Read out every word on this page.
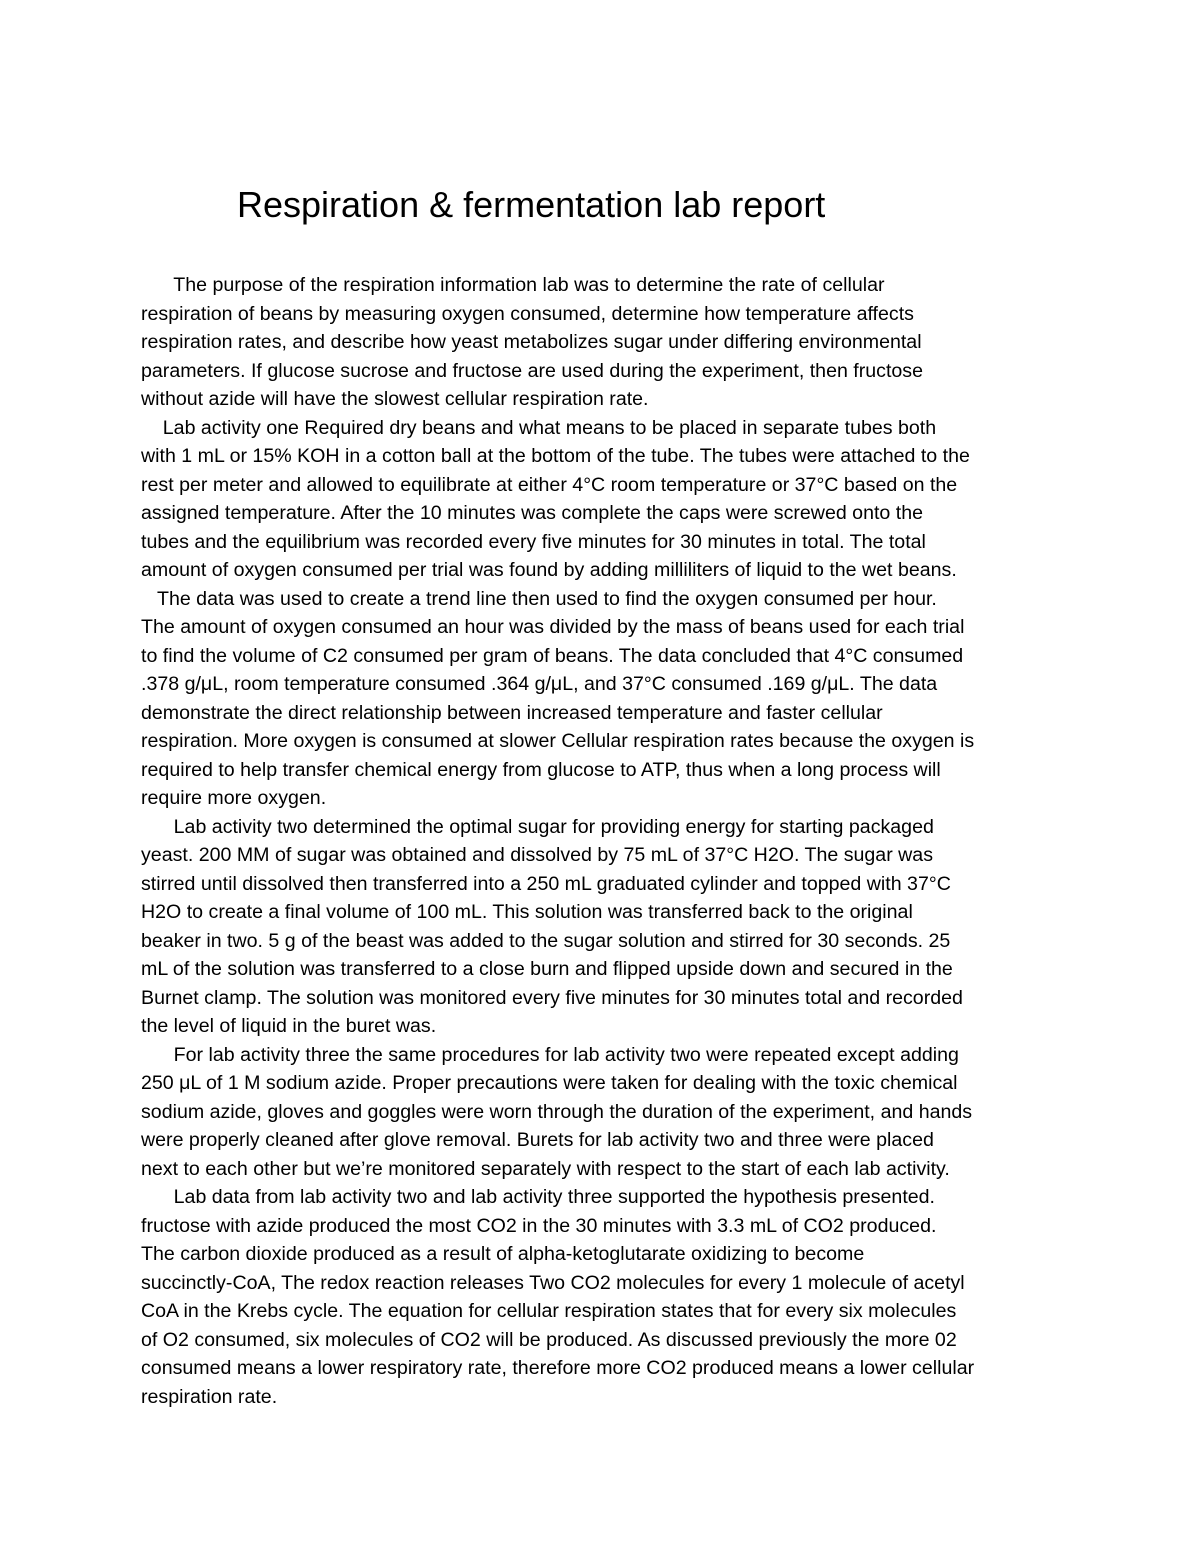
Respiration & fermentation lab report
The purpose of the respiration information lab was to determine the rate of cellular
respiration of beans by measuring oxygen consumed, determine how temperature affects
respiration rates, and describe how yeast metabolizes sugar under differing environmental
parameters. If glucose sucrose and fructose are used during the experiment, then fructose
without azide will have the slowest cellular respiration rate.
Lab activity one Required dry beans and what means to be placed in separate tubes both
with 1 mL or 15% KOH in a cotton ball at the bottom of the tube. The tubes were attached to the
rest per meter and allowed to equilibrate at either 4°C room temperature or 37°C based on the
assigned temperature. After the 10 minutes was complete the caps were screwed onto the
tubes and the equilibrium was recorded every five minutes for 30 minutes in total. The total
amount of oxygen consumed per trial was found by adding milliliters of liquid to the wet beans.
The data was used to create a trend line then used to find the oxygen consumed per hour.
The amount of oxygen consumed an hour was divided by the mass of beans used for each trial
to find the volume of C2 consumed per gram of beans. The data concluded that 4°C consumed
.378 g/μL, room temperature consumed .364 g/μL, and 37°C consumed .169 g/μL. The data
demonstrate the direct relationship between increased temperature and faster cellular
respiration. More oxygen is consumed at slower Cellular respiration rates because the oxygen is
required to help transfer chemical energy from glucose to ATP, thus when a long process will
require more oxygen.
Lab activity two determined the optimal sugar for providing energy for starting packaged
yeast. 200 MM of sugar was obtained and dissolved by 75 mL of 37°C H2O. The sugar was
stirred until dissolved then transferred into a 250 mL graduated cylinder and topped with 37°C
H2O to create a final volume of 100 mL. This solution was transferred back to the original
beaker in two. 5 g of the beast was added to the sugar solution and stirred for 30 seconds. 25
mL of the solution was transferred to a close burn and flipped upside down and secured in the
Burnet clamp. The solution was monitored every five minutes for 30 minutes total and recorded
the level of liquid in the buret was.
For lab activity three the same procedures for lab activity two were repeated except adding
250 μL of 1 M sodium azide. Proper precautions were taken for dealing with the toxic chemical
sodium azide, gloves and goggles were worn through the duration of the experiment, and hands
were properly cleaned after glove removal. Burets for lab activity two and three were placed
next to each other but we’re monitored separately with respect to the start of each lab activity.
Lab data from lab activity two and lab activity three supported the hypothesis presented.
fructose with azide produced the most CO2 in the 30 minutes with 3.3 mL of CO2 produced.
The carbon dioxide produced as a result of alpha-ketoglutarate oxidizing to become
succinctly-CoA, The redox reaction releases Two CO2 molecules for every 1 molecule of acetyl
CoA in the Krebs cycle. The equation for cellular respiration states that for every six molecules
of O2 consumed, six molecules of CO2 will be produced. As discussed previously the more 02
consumed means a lower respiratory rate, therefore more CO2 produced means a lower cellular
respiration rate.
